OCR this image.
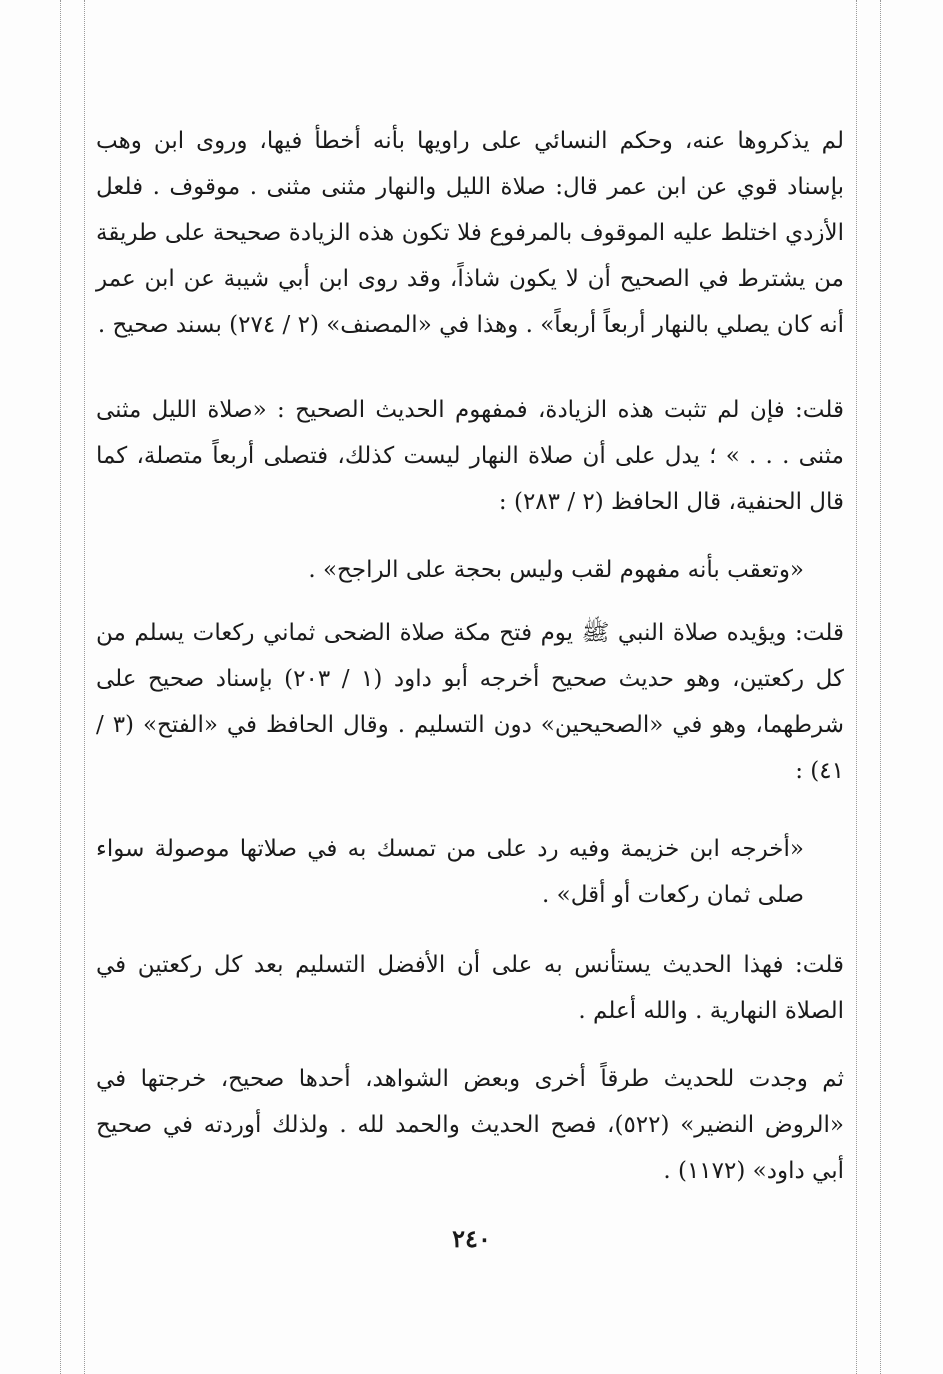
لم يذكروها عنه، وحكم النسائي على راويها بأنه أخطأ فيها، وروى ابن وهب بإسناد قوي عن ابن عمر قال: صلاة الليل والنهار مثنى مثنى . موقوف . فلعل الأزدي اختلط عليه الموقوف بالمرفوع فلا تكون هذه الزيادة صحيحة على طريقة من يشترط في الصحيح أن لا يكون شاذاً، وقد روى ابن أبي شيبة عن ابن عمر أنه كان يصلي بالنهار أربعاً أربعاً» . وهذا في «المصنف» (٢ / ٢٧٤) بسند صحيح .

قلت: فإن لم تثبت هذه الزيادة، فمفهوم الحديث الصحيح : «صلاة الليل مثنى مثنى . . . » ؛ يدل على أن صلاة النهار ليست كذلك، فتصلى أربعاً متصلة، كما قال الحنفية، قال الحافظ (٢ / ٢٨٣) :

«وتعقب بأنه مفهوم لقب وليس بحجة على الراجح» .

قلت: ويؤيده صلاة النبي ﷺ يوم فتح مكة صلاة الضحى ثماني ركعات يسلم من كل ركعتين، وهو حديث صحيح أخرجه أبو داود (١ / ٢٠٣) بإسناد صحيح على شرطهما، وهو في «الصحيحين» دون التسليم . وقال الحافظ في «الفتح» (٣ / ٤١) :

«أخرجه ابن خزيمة وفيه رد على من تمسك به في صلاتها موصولة سواء صلى ثمان ركعات أو أقل» .

قلت: فهذا الحديث يستأنس به على أن الأفضل التسليم بعد كل ركعتين في الصلاة النهارية . والله أعلم .

ثم وجدت للحديث طرقاً أخرى وبعض الشواهد، أحدها صحيح، خرجتها في «الروض النضير» (٥٢٢)، فصح الحديث والحمد لله . ولذلك أوردته في صحيح أبي داود» (١١٧٢) .

٢٤٠
